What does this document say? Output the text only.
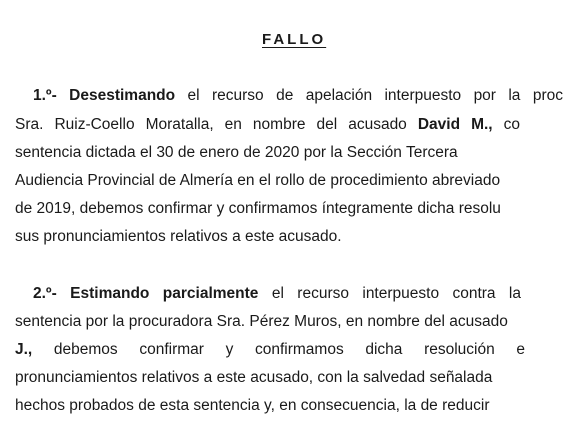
FALLO
1.º- Desestimando el recurso de apelación interpuesto por la proc
Sra. Ruiz-Coello Moratalla, en nombre del acusado David M., co
sentencia dictada el 30 de enero de 2020 por la Sección Tercera
Audiencia Provincial de Almería en el rollo de procedimiento abreviado
de 2019, debemos confirmar y confirmamos íntegramente dicha resolu
sus pronunciamientos relativos a este acusado.
2.º- Estimando parcialmente el recurso interpuesto contra la
sentencia por la procuradora Sra. Pérez Muros, en nombre del acusado
J., debemos confirmar y confirmamos dicha resolución e
pronunciamientos relativos a este acusado, con la salvedad señalada
hechos probados de esta sentencia y, en consecuencia, la de reducir
